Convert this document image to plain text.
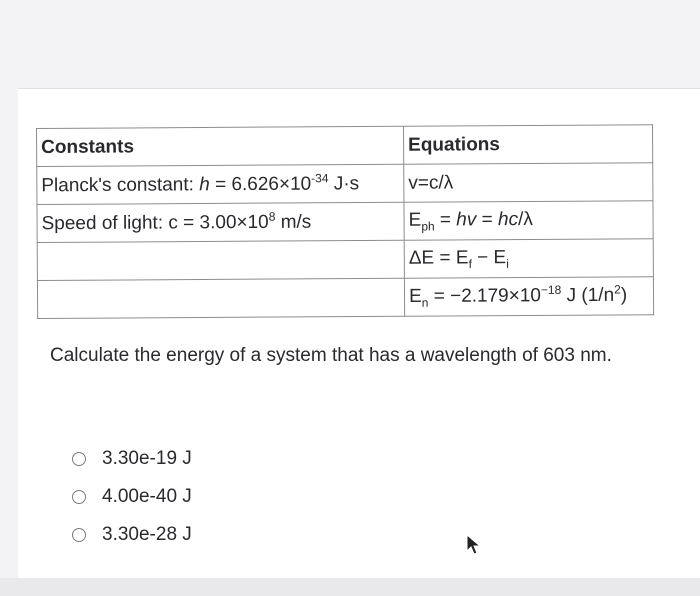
Constants	Equations
Planck's constant: $h = 6.626\times 10^{-34}$ J·s	v=c/λ
Speed of light: $c = 3.00\times 10^8$ m/s	$E_{ph}$ = hv = hc/λ
	$\Delta E = E_f - E_i$
	$E_n = -2.179\times 10^{-18}$ J $(1/n^2)$
Calculate the energy of a system that has a wavelength of 603 nm.
3.30e-19 J
4.00e-40 J
3.30e-28 J
